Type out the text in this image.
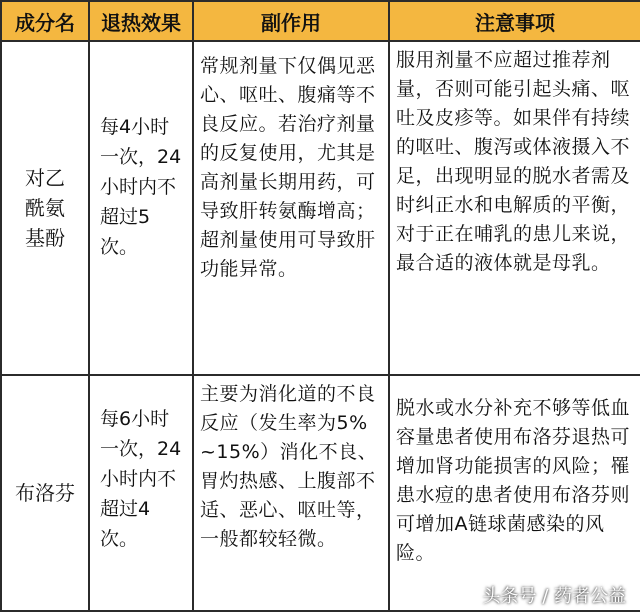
成分名	退热效果	副作用	注意事项

对乙酰氨基酚	每4小时一次，24小时内不超过5次。	常规剂量下仅偶见恶心、呕吐、腹痛等不良反应。若治疗剂量的反复使用，尤其是高剂量长期用药，可导致肝转氨酶增高；超剂量使用可导致肝功能异常。	服用剂量不应超过推荐剂量，否则可能引起头痛、呕吐及皮疹等。如果伴有持续的呕吐、腹泻或体液摄入不足，出现明显的脱水者需及时纠正水和电解质的平衡，对于正在哺乳的患儿来说，最合适的液体就是母乳。

布洛芬	每6小时一次，24小时内不超过4次。	主要为消化道的不良反应（发生率为5%~15%）消化不良、胃灼热感、上腹部不适、恶心、呕吐等，一般都较轻微。	脱水或水分补充不够等低血容量患者使用布洛芬退热可增加肾功能损害的风险；罹患水痘的患者使用布洛芬则可增加A链球菌感染的风险。
头条号 / 药者公益
